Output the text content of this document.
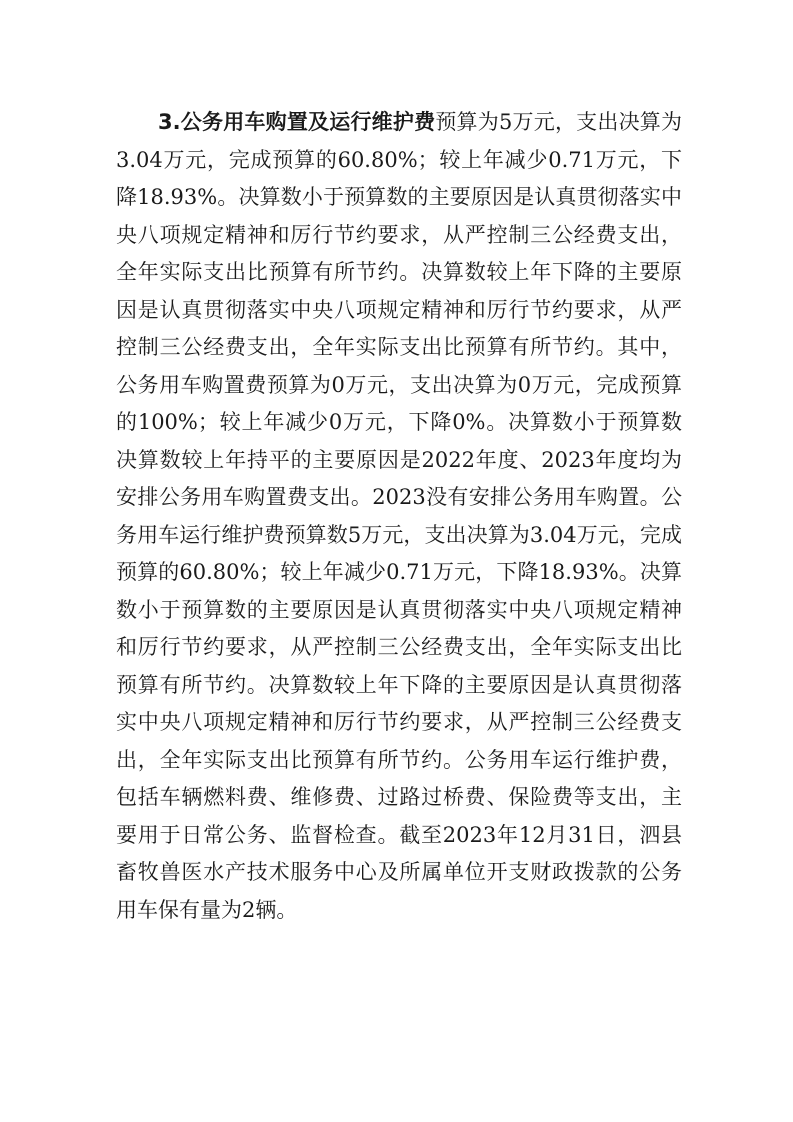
3.公务用车购置及运行维护费预算为5万元，支出决算为3.04万元，完成预算的60.80%；较上年减少0.71万元，下降18.93%。决算数小于预算数的主要原因是认真贯彻落实中央八项规定精神和厉行节约要求，从严控制三公经费支出，全年实际支出比预算有所节约。决算数较上年下降的主要原因是认真贯彻落实中央八项规定精神和厉行节约要求，从严控制三公经费支出，全年实际支出比预算有所节约。其中，公务用车购置费预算为0万元，支出决算为0万元，完成预算的100%；较上年减少0万元，下降0%。决算数小于预算数决算数较上年持平的主要原因是2022年度、2023年度均为安排公务用车购置费支出。2023没有安排公务用车购置。公务用车运行维护费预算数5万元，支出决算为3.04万元，完成预算的60.80%；较上年减少0.71万元，下降18.93%。决算数小于预算数的主要原因是认真贯彻落实中央八项规定精神和厉行节约要求，从严控制三公经费支出，全年实际支出比预算有所节约。决算数较上年下降的主要原因是认真贯彻落实中央八项规定精神和厉行节约要求，从严控制三公经费支出，全年实际支出比预算有所节约。公务用车运行维护费，包括车辆燃料费、维修费、过路过桥费、保险费等支出，主要用于日常公务、监督检查。截至2023年12月31日，泗县畜牧兽医水产技术服务中心及所属单位开支财政拨款的公务用车保有量为2辆。
